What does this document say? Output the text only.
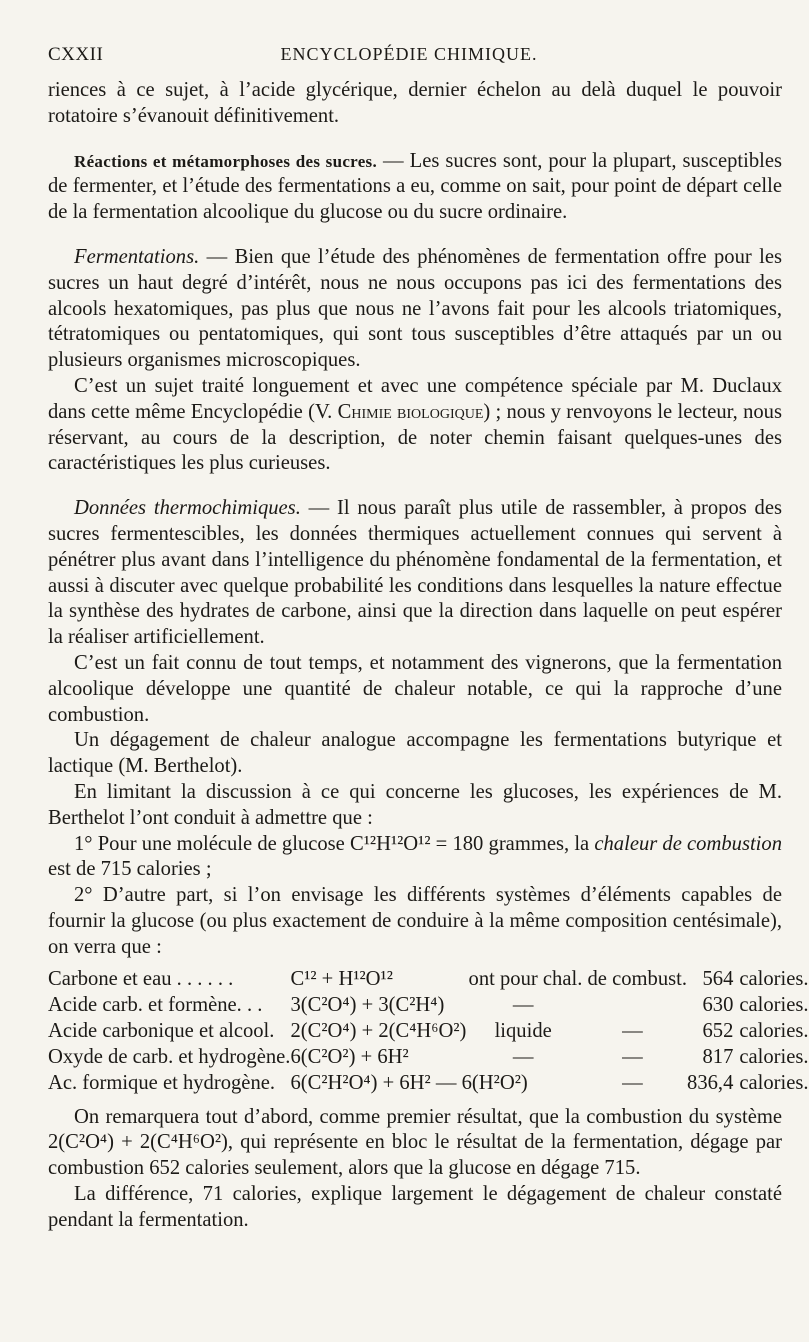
CXXII	ENCYCLOPÉDIE CHIMIQUE.

riences à ce sujet, à l’acide glycérique, dernier échelon au delà duquel le pouvoir rotatoire s’évanouit définitivement.

Réactions et métamorphoses des sucres. — Les sucres sont, pour la plupart, susceptibles de fermenter, et l’étude des fermentations a eu, comme on sait, pour point de départ celle de la fermentation alcoolique du glucose ou du sucre ordinaire.

Fermentations. — Bien que l’étude des phénomènes de fermentation offre pour les sucres un haut degré d’intérêt, nous ne nous occupons pas ici des fermentations des alcools hexatomiques, pas plus que nous ne l’avons fait pour les alcools triatomiques, tétratomiques ou pentatomiques, qui sont tous susceptibles d’être attaqués par un ou plusieurs organismes microscopiques.

C’est un sujet traité longuement et avec une compétence spéciale par M. Duclaux dans cette même Encyclopédie (V. Chimie biologique) ; nous y renvoyons le lecteur, nous réservant, au cours de la description, de noter chemin faisant quelques-unes des caractéristiques les plus curieuses.

Données thermochimiques. — Il nous paraît plus utile de rassembler, à propos des sucres fermentescibles, les données thermiques actuellement connues qui servent à pénétrer plus avant dans l’intelligence du phénomène fondamental de la fermentation, et aussi à discuter avec quelque probabilité les conditions dans lesquelles la nature effectue la synthèse des hydrates de carbone, ainsi que la direction dans laquelle on peut espérer la réaliser artificiellement.

C’est un fait connu de tout temps, et notamment des vignerons, que la fermentation alcoolique développe une quantité de chaleur notable, ce qui la rapproche d’une combustion.

Un dégagement de chaleur analogue accompagne les fermentations butyrique et lactique (M. Berthelot).

En limitant la discussion à ce qui concerne les glucoses, les expériences de M. Berthelot l’ont conduit à admettre que :

1° Pour une molécule de glucose C¹²H¹²O¹² = 180 grammes, la chaleur de combustion est de 715 calories ;

2° D’autre part, si l’on envisage les différents systèmes d’éléments capables de fournir la glucose (ou plus exactement de conduire à la même composition centésimale), on verra que :

Carbone et eau . . . . . .	C¹² + H¹²O¹²	ont pour chal. de combust.		564	calories.
Acide carb. et formène. . .	3(C²O⁴) + 3(C²H⁴)	—		630	calories.
Acide carbonique et alcool.	2(C²O⁴) + 2(C⁴H⁶O²)	liquide	—	652	calories.
Oxyde de carb. et hydrogène.	6(C²O²) + 6H²	—	—	817	calories.
Ac. formique et hydrogène.	6(C²H²O⁴) + 6H² — 6(H²O²)		—	836,4	calories.

On remarquera tout d’abord, comme premier résultat, que la combustion du système 2(C²O⁴) + 2(C⁴H⁶O²), qui représente en bloc le résultat de la fermentation, dégage par combustion 652 calories seulement, alors que la glucose en dégage 715.

La différence, 71 calories, explique largement le dégagement de chaleur constaté pendant la fermentation.
